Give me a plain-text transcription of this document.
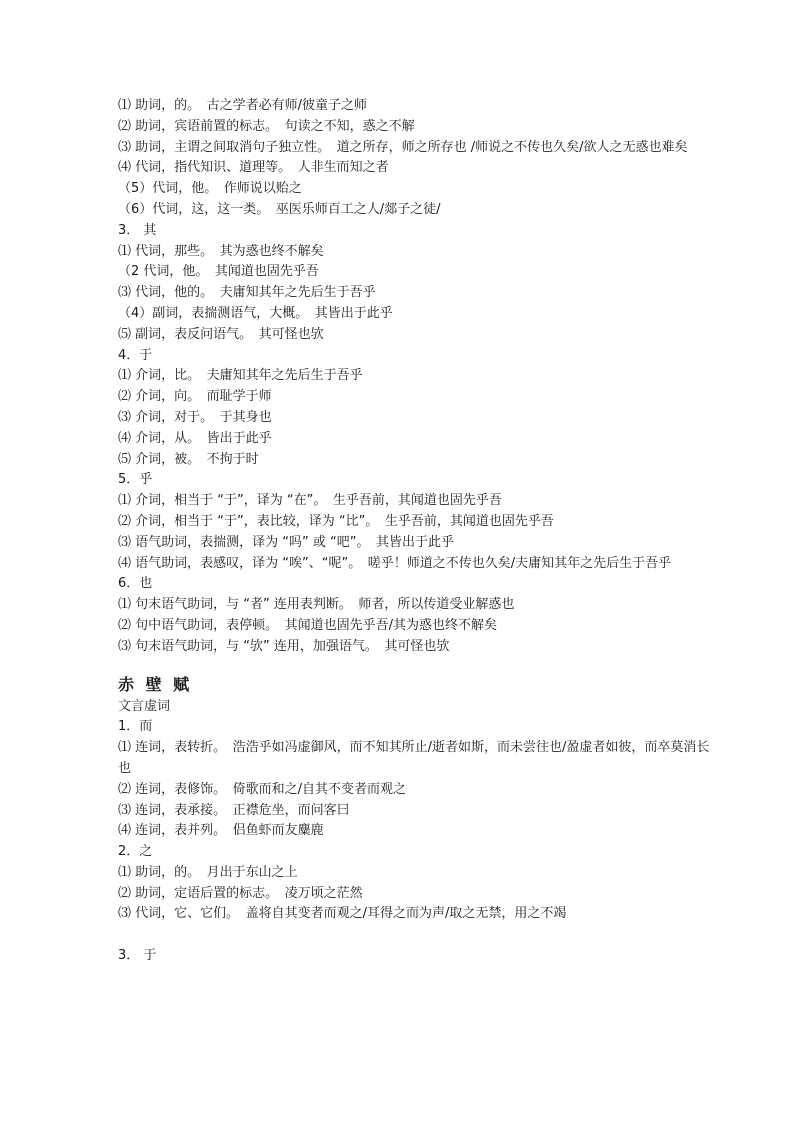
⑴ 助词，的。　古之学者必有师/彼童子之师

⑵ 助词，宾语前置的标志。　句读之不知，惑之不解

⑶ 助词，主谓之间取消句子独立性。　道之所存，师之所存也 /师说之不传也久矣/欲人之无惑也难矣

⑷ 代词，指代知识、道理等。　人非生而知之者

（5）代词，他。　作师说以贻之

（6）代词，这，这一类。　巫医乐师百工之人/郯子之徒/

3． 其

⑴ 代词，那些。　其为惑也终不解矣

（2 代词，他。　其闻道也固先乎吾

⑶ 代词，他的。　夫庸知其年之先后生于吾乎

（4）副词，表揣测语气，大概。　其皆出于此乎

⑸ 副词，表反问语气。　其可怪也欤

4．于

⑴ 介词，比。　夫庸知其年之先后生于吾乎

⑵ 介词，向。　而耻学于师

⑶ 介词，对于。　于其身也

⑷ 介词，从。　皆出于此乎

⑸ 介词，被。　不拘于时

5．乎

⑴ 介词，相当于 “于”，译为 “在”。　生乎吾前，其闻道也固先乎吾

⑵ 介词，相当于 “于”，表比较，译为 “比”。　生乎吾前，其闻道也固先乎吾

⑶ 语气助词，表揣测，译为 “吗” 或 “吧”。　其皆出于此乎

⑷ 语气助词，表感叹，译为 “唉”、“呢”。　嗟乎！师道之不传也久矣/夫庸知其年之先后生于吾乎

6．也

⑴ 句末语气助词，与 “者” 连用表判断。　师者，所以传道受业解惑也

⑵ 句中语气助词，表停顿。　其闻道也固先乎吾/其为惑也终不解矣

⑶ 句末语气助词，与 “欤” 连用，加强语气。　其可怪也欤

赤 壁 赋

文言虚词

1．而

⑴ 连词，表转折。　浩浩乎如冯虚御风，而不知其所止/逝者如斯，而未尝往也/盈虚者如彼，而卒莫消长也

⑵ 连词，表修饰。　倚歌而和之/自其不变者而观之

⑶ 连词，表承接。　正襟危坐，而问客曰

⑷ 连词，表并列。　侣鱼虾而友麋鹿

2．之

⑴ 助词，的。　月出于东山之上

⑵ 助词，定语后置的标志。　凌万顷之茫然

⑶ 代词，它、它们。　盖将自其变者而观之/耳得之而为声/取之无禁，用之不竭

3． 于
